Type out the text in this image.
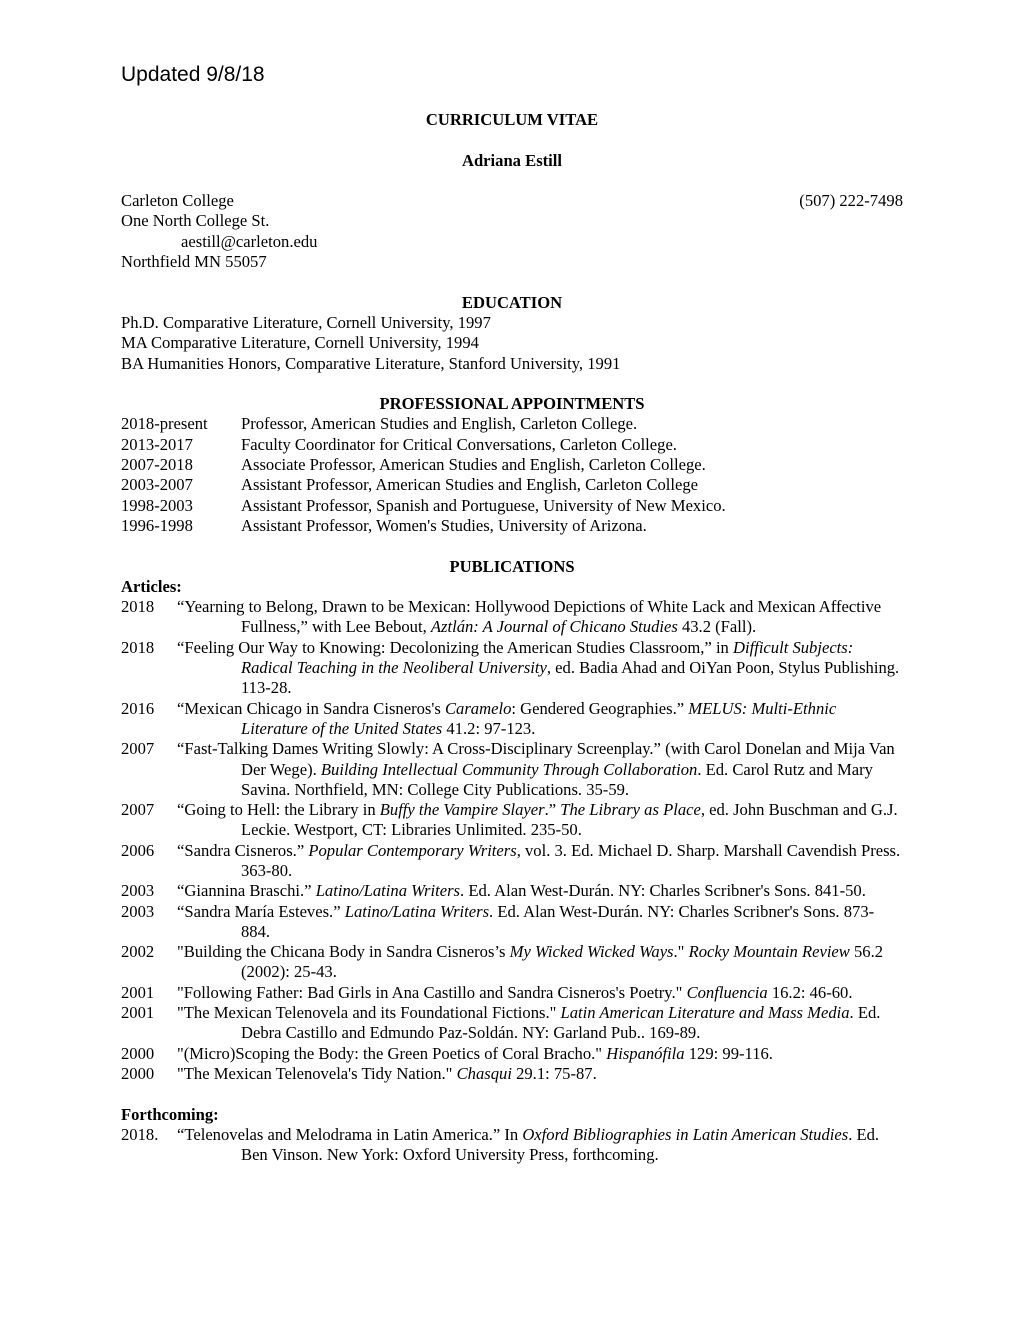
Updated 9/8/18

CURRICULUM VITAE

Adriana Estill

Carleton College	(507) 222-7498

One North College St.

aestill@carleton.edu

Northfield MN 55057

EDUCATION

Ph.D. Comparative Literature, Cornell University, 1997

MA Comparative Literature, Cornell University, 1994

BA Humanities Honors, Comparative Literature, Stanford University, 1991

PROFESSIONAL APPOINTMENTS

2018-present	Professor, American Studies and English, Carleton College.
2013-2017	Faculty Coordinator for Critical Conversations, Carleton College.
2007-2018	Associate Professor, American Studies and English, Carleton College.
2003-2007	Assistant Professor, American Studies and English, Carleton College
1998-2003	Assistant Professor, Spanish and Portuguese, University of New Mexico.
1996-1998	Assistant Professor, Women's Studies, University of Arizona.

PUBLICATIONS

Articles:

2018 “Yearning to Belong, Drawn to be Mexican: Hollywood Depictions of White Lack and Mexican Affective Fullness,” with Lee Bebout, Aztlán: A Journal of Chicano Studies 43.2 (Fall).

2018 “Feeling Our Way to Knowing: Decolonizing the American Studies Classroom,” in Difficult Subjects: Radical Teaching in the Neoliberal University, ed. Badia Ahad and OiYan Poon, Stylus Publishing. 113-28.

2016 “Mexican Chicago in Sandra Cisneros's Caramelo: Gendered Geographies.” MELUS: Multi-Ethnic Literature of the United States 41.2: 97-123.

2007 “Fast-Talking Dames Writing Slowly: A Cross-Disciplinary Screenplay.” (with Carol Donelan and Mija Van Der Wege). Building Intellectual Community Through Collaboration. Ed. Carol Rutz and Mary Savina. Northfield, MN: College City Publications. 35-59.

2007 “Going to Hell: the Library in Buffy the Vampire Slayer.” The Library as Place, ed. John Buschman and G.J. Leckie. Westport, CT: Libraries Unlimited. 235-50.

2006 “Sandra Cisneros.” Popular Contemporary Writers, vol. 3. Ed. Michael D. Sharp. Marshall Cavendish Press. 363-80.

2003 “Giannina Braschi.” Latino/Latina Writers. Ed. Alan West-Durán. NY: Charles Scribner's Sons. 841-50.

2003 “Sandra María Esteves.” Latino/Latina Writers. Ed. Alan West-Durán. NY: Charles Scribner's Sons. 873-884.

2002 "Building the Chicana Body in Sandra Cisneros’s My Wicked Wicked Ways." Rocky Mountain Review 56.2 (2002): 25-43.

2001 "Following Father: Bad Girls in Ana Castillo and Sandra Cisneros's Poetry." Confluencia 16.2: 46-60.

2001 "The Mexican Telenovela and its Foundational Fictions." Latin American Literature and Mass Media. Ed. Debra Castillo and Edmundo Paz-Soldán. NY: Garland Pub.. 169-89.

2000 "(Micro)Scoping the Body: the Green Poetics of Coral Bracho." Hispanófila 129: 99-116.

2000 "The Mexican Telenovela's Tidy Nation." Chasqui 29.1: 75-87.

Forthcoming:

2018. “Telenovelas and Melodrama in Latin America.” In Oxford Bibliographies in Latin American Studies. Ed. Ben Vinson. New York: Oxford University Press, forthcoming.
